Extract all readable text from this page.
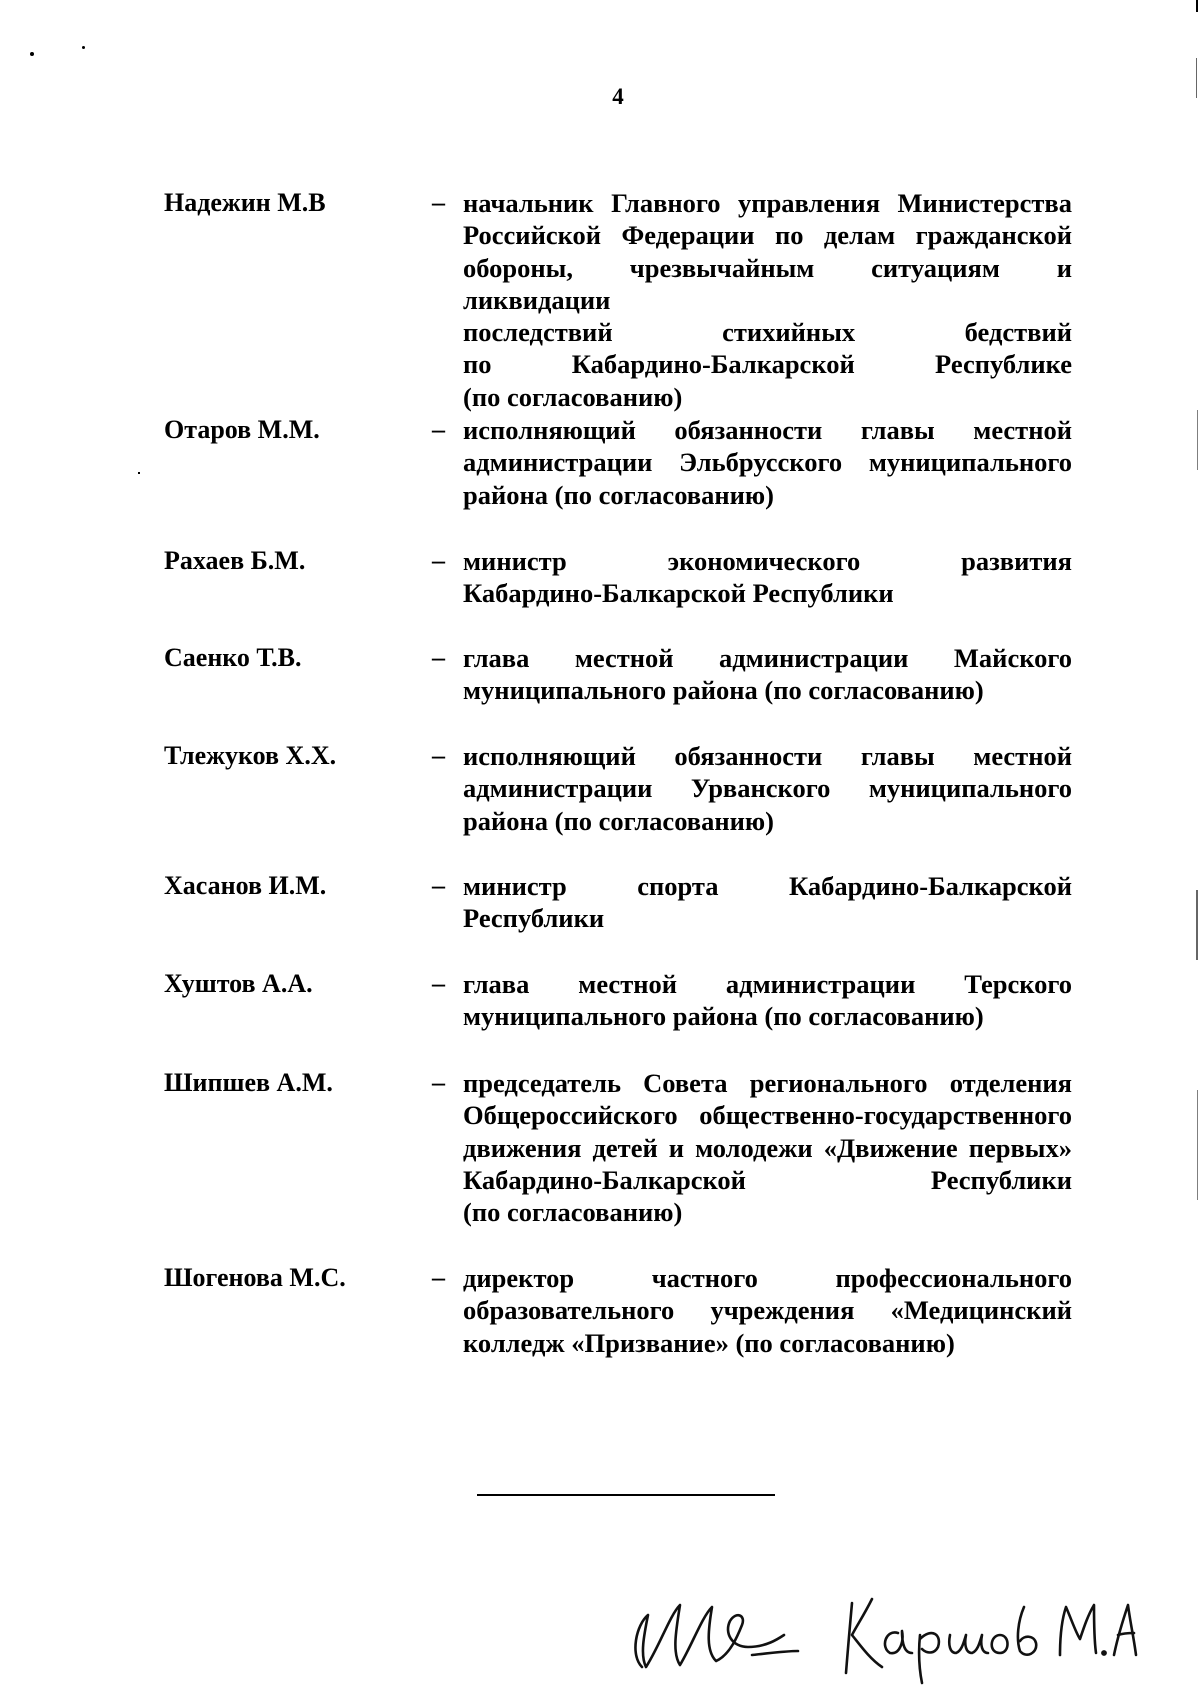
4
Надежин М.В	– начальник Главного управления Министерства
Российской Федерации по делам гражданской
обороны, чрезвычайным ситуациям и ликвидации
последствий стихийных бедствий
по Кабардино-Балкарской Республике
(по согласованию)
Отаров М.М.	– исполняющий обязанности главы местной
администрации Эльбрусского муниципального
района (по согласованию)
Рахаев Б.М.	– министр экономического развития
Кабардино-Балкарской Республики
Саенко Т.В.	– глава местной администрации Майского
муниципального района (по согласованию)
Тлежуков Х.Х.	– исполняющий обязанности главы местной
администрации Урванского муниципального
района (по согласованию)
Хасанов И.М.	– министр спорта Кабардино-Балкарской
Республики
Хуштов А.А.	– глава местной администрации Терского
муниципального района (по согласованию)
Шипшев А.М.	– председатель Совета регионального отделения
Общероссийского общественно-государственного
движения детей и молодежи «Движение первых»
Кабардино-Балкарской Республики
(по согласованию)
Шогенова М.С.	– директор частного профессионального
образовательного учреждения «Медицинский
колледж «Призвание» (по согласованию)
